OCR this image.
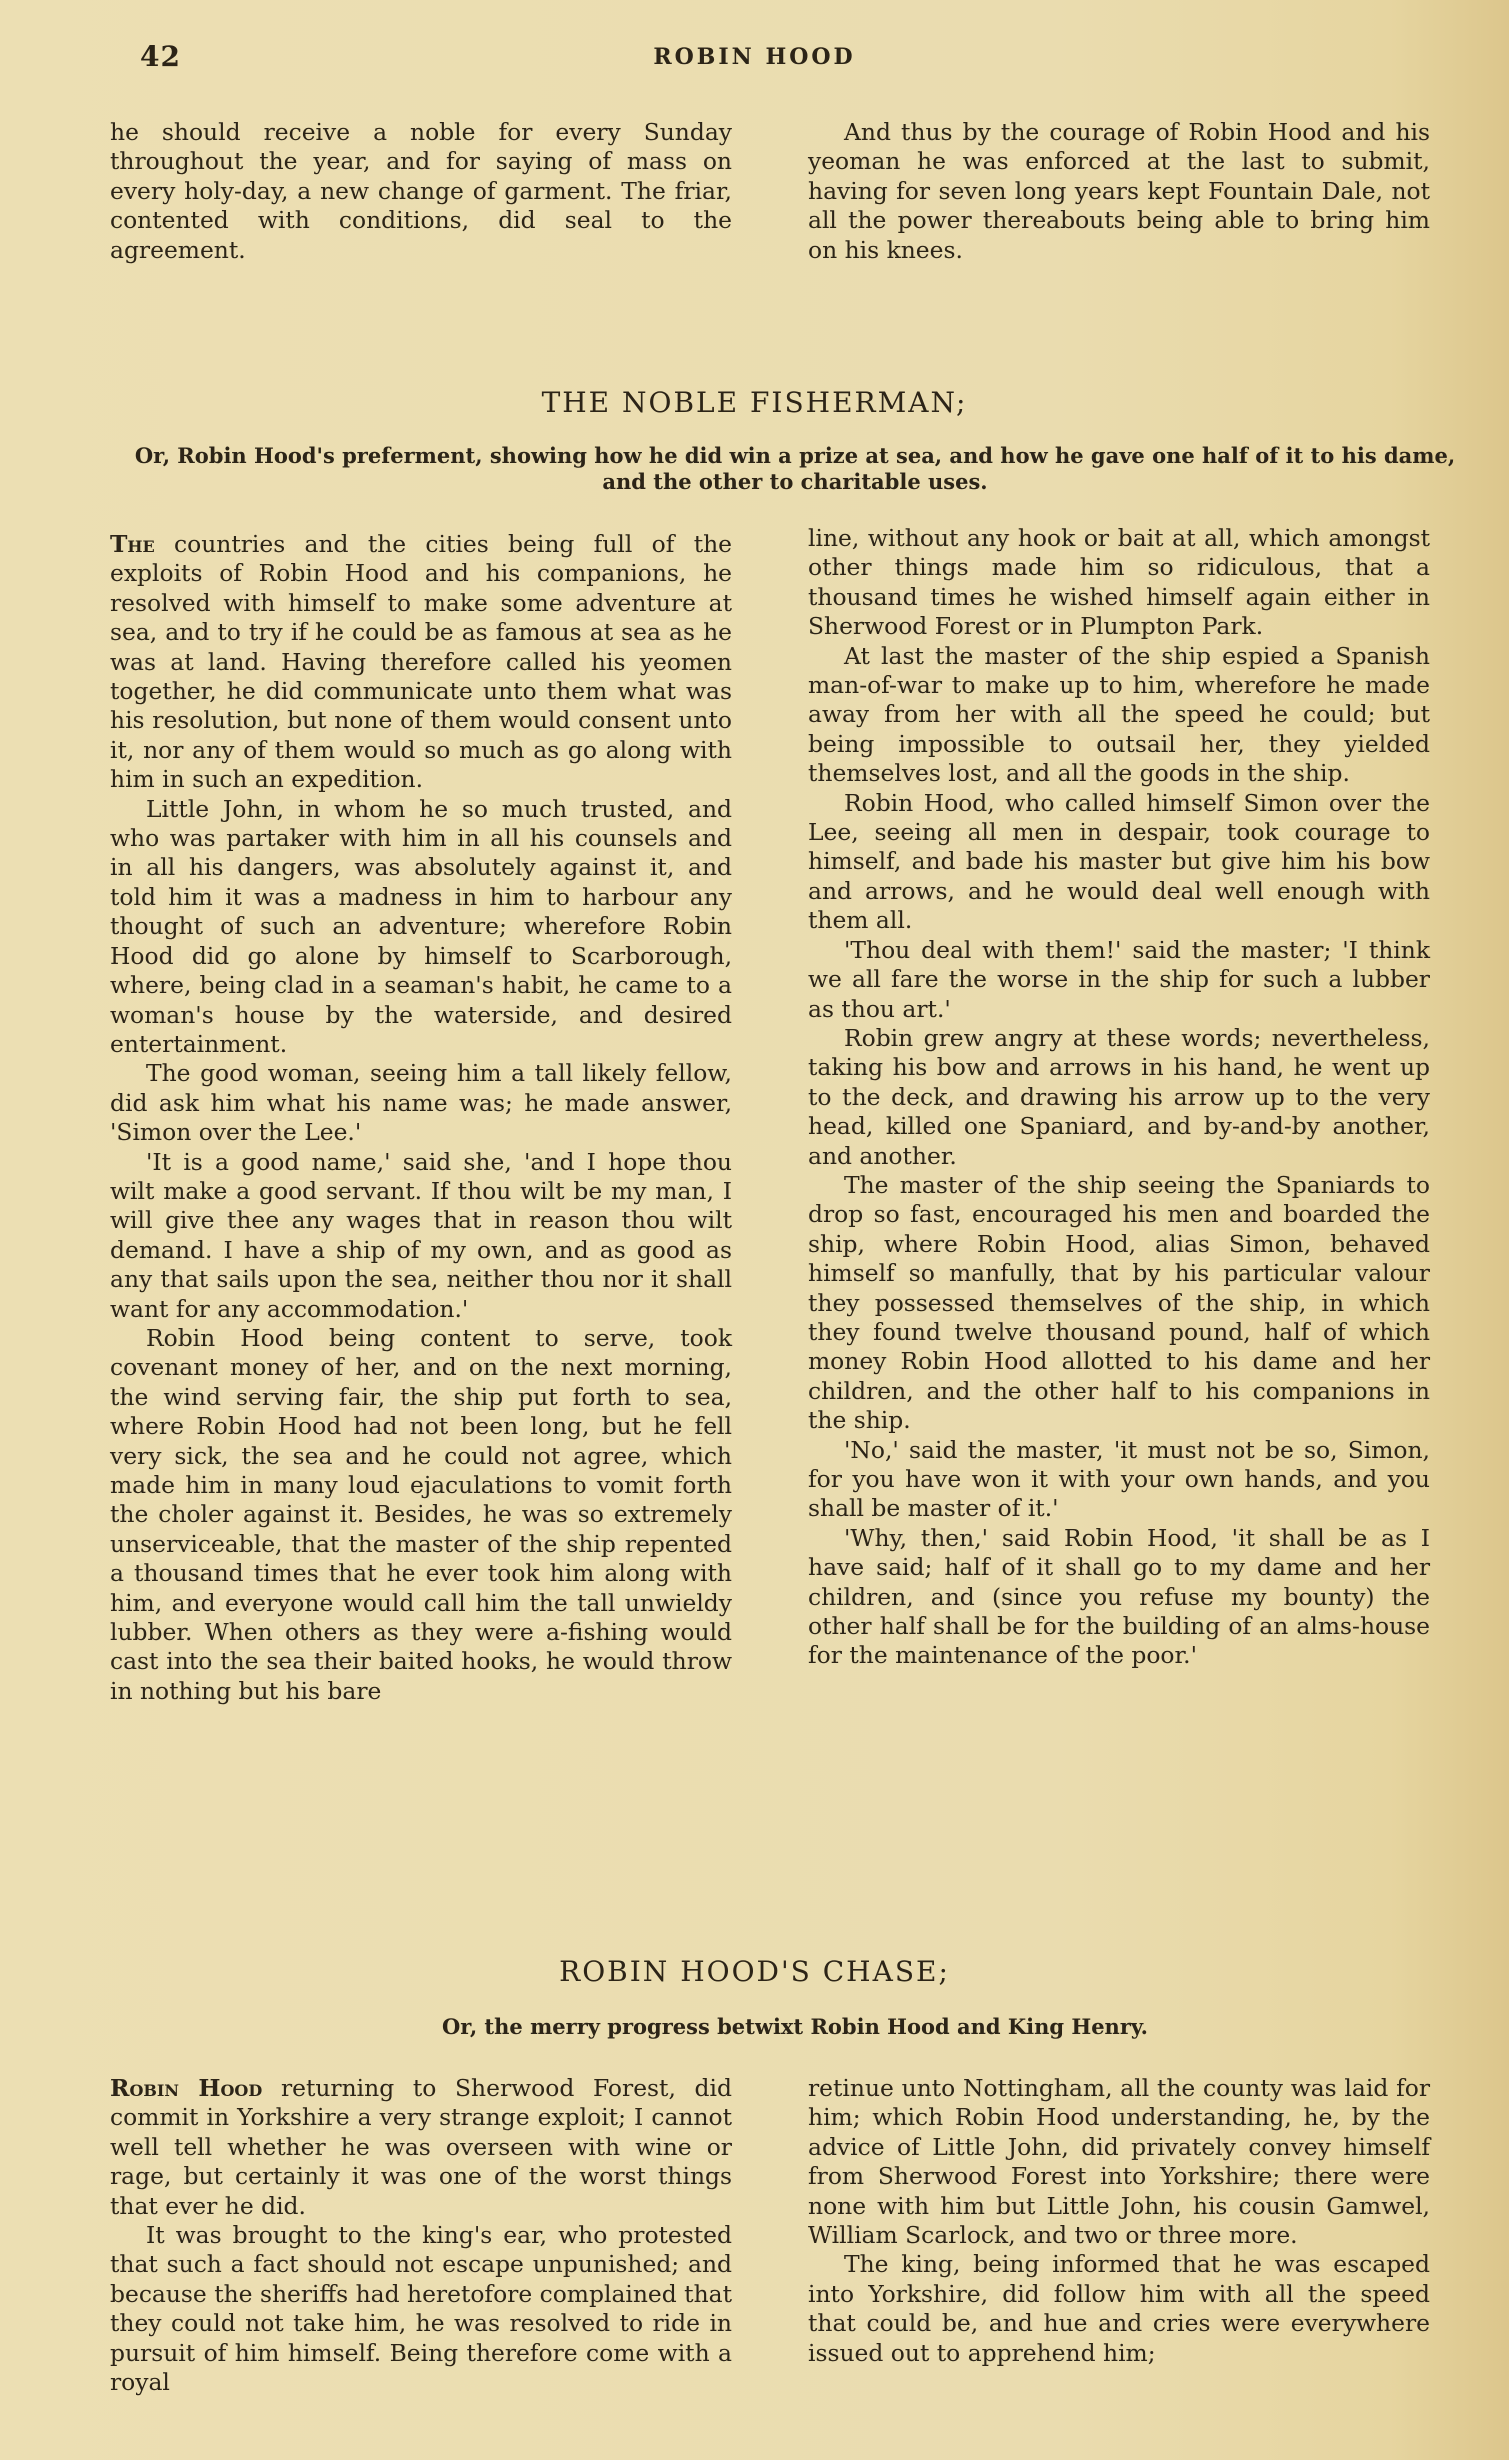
42	ROBIN HOOD

he should receive a noble for every Sunday throughout the year, and for saying of mass on every holy-day, a new change of garment. The friar, contented with conditions, did seal to the agreement.

And thus by the courage of Robin Hood and his yeoman he was enforced at the last to submit, having for seven long years kept Fountain Dale, not all the power thereabouts being able to bring him on his knees.

THE NOBLE FISHERMAN;
Or, Robin Hood's preferment, showing how he did win a prize at sea, and how he gave one half of it to his dame, and the other to charitable uses.

The countries and the cities being full of the exploits of Robin Hood and his companions, he resolved with himself to make some adventure at sea, and to try if he could be as famous at sea as he was at land. Having therefore called his yeomen together, he did communicate unto them what was his resolution, but none of them would consent unto it, nor any of them would so much as go along with him in such an expedition.

Little John, in whom he so much trusted, and who was partaker with him in all his counsels and in all his dangers, was absolutely against it, and told him it was a madness in him to harbour any thought of such an adventure; wherefore Robin Hood did go alone by himself to Scarborough, where, being clad in a seaman's habit, he came to a woman's house by the waterside, and desired entertainment.

The good woman, seeing him a tall likely fellow, did ask him what his name was; he made answer, 'Simon over the Lee.'

'It is a good name,' said she, 'and I hope thou wilt make a good servant. If thou wilt be my man, I will give thee any wages that in reason thou wilt demand. I have a ship of my own, and as good as any that sails upon the sea, neither thou nor it shall want for any accommodation.'

Robin Hood being content to serve, took covenant money of her, and on the next morning, the wind serving fair, the ship put forth to sea, where Robin Hood had not been long, but he fell very sick, the sea and he could not agree, which made him in many loud ejaculations to vomit forth the choler against it. Besides, he was so extremely unserviceable, that the master of the ship repented a thousand times that he ever took him along with him, and everyone would call him the tall unwieldy lubber. When others as they were a-fishing would cast into the sea their baited hooks, he would throw in nothing but his bare

line, without any hook or bait at all, which amongst other things made him so ridiculous, that a thousand times he wished himself again either in Sherwood Forest or in Plumpton Park.

At last the master of the ship espied a Spanish man-of-war to make up to him, wherefore he made away from her with all the speed he could; but being impossible to outsail her, they yielded themselves lost, and all the goods in the ship.

Robin Hood, who called himself Simon over the Lee, seeing all men in despair, took courage to himself, and bade his master but give him his bow and arrows, and he would deal well enough with them all.

'Thou deal with them!' said the master; 'I think we all fare the worse in the ship for such a lubber as thou art.'

Robin grew angry at these words; nevertheless, taking his bow and arrows in his hand, he went up to the deck, and drawing his arrow up to the very head, killed one Spaniard, and by-and-by another, and another.

The master of the ship seeing the Spaniards to drop so fast, encouraged his men and boarded the ship, where Robin Hood, alias Simon, behaved himself so manfully, that by his particular valour they possessed themselves of the ship, in which they found twelve thousand pound, half of which money Robin Hood allotted to his dame and her children, and the other half to his companions in the ship.

'No,' said the master, 'it must not be so, Simon, for you have won it with your own hands, and you shall be master of it.'

'Why, then,' said Robin Hood, 'it shall be as I have said; half of it shall go to my dame and her children, and (since you refuse my bounty) the other half shall be for the building of an alms-house for the maintenance of the poor.'

ROBIN HOOD'S CHASE;
Or, the merry progress betwixt Robin Hood and King Henry.

Robin Hood returning to Sherwood Forest, did commit in Yorkshire a very strange exploit; I cannot well tell whether he was overseen with wine or rage, but certainly it was one of the worst things that ever he did.

It was brought to the king's ear, who protested that such a fact should not escape unpunished; and because the sheriffs had heretofore complained that they could not take him, he was resolved to ride in pursuit of him himself. Being therefore come with a royal

retinue unto Nottingham, all the county was laid for him; which Robin Hood understanding, he, by the advice of Little John, did privately convey himself from Sherwood Forest into Yorkshire; there were none with him but Little John, his cousin Gamwel, William Scarlock, and two or three more.

The king, being informed that he was escaped into Yorkshire, did follow him with all the speed that could be, and hue and cries were everywhere issued out to apprehend him;
